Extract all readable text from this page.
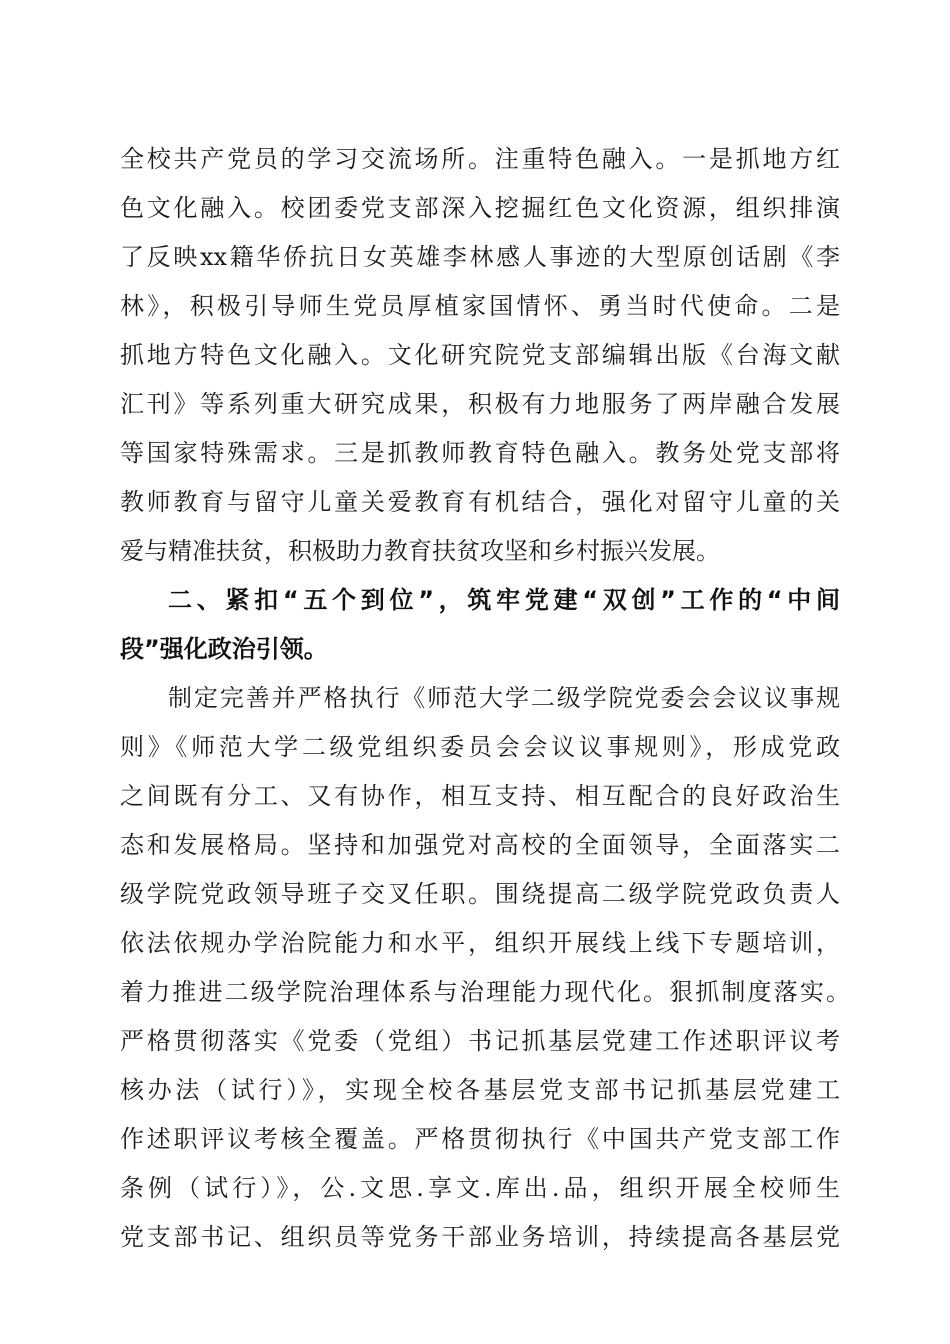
全校共产党员的学习交流场所。注重特色融入。一是抓地方红
色文化融入。校团委党支部深入挖掘红色文化资源，组织排演
了反映xx籍华侨抗日女英雄李林感人事迹的大型原创话剧《李
林》，积极引导师生党员厚植家国情怀、勇当时代使命。二是
抓地方特色文化融入。文化研究院党支部编辑出版《台海文献
汇刊》等系列重大研究成果，积极有力地服务了两岸融合发展
等国家特殊需求。三是抓教师教育特色融入。教务处党支部将
教师教育与留守儿童关爱教育有机结合，强化对留守儿童的关
爱与精准扶贫，积极助力教育扶贫攻坚和乡村振兴发展。
二、紧扣“五个到位”，筑牢党建“双创”工作的“中间
段”强化政治引领。
制定完善并严格执行《师范大学二级学院党委会会议议事规
则》《师范大学二级党组织委员会会议议事规则》，形成党政
之间既有分工、又有协作，相互支持、相互配合的良好政治生
态和发展格局。坚持和加强党对高校的全面领导，全面落实二
级学院党政领导班子交叉任职。围绕提高二级学院党政负责人
依法依规办学治院能力和水平，组织开展线上线下专题培训，
着力推进二级学院治理体系与治理能力现代化。狠抓制度落实。
严格贯彻落实《党委（党组）书记抓基层党建工作述职评议考
核办法（试行）》，实现全校各基层党支部书记抓基层党建工
作述职评议考核全覆盖。严格贯彻执行《中国共产党支部工作
条例（试行）》，公.文思.享文.库出.品，组织开展全校师生
党支部书记、组织员等党务干部业务培训，持续提高各基层党
